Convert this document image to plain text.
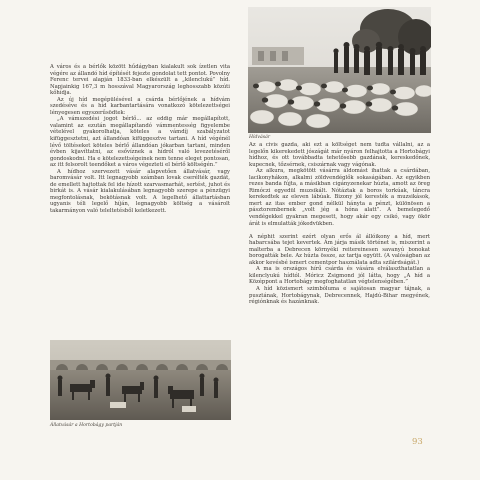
Hídvásár

A város és a bérlők között hűdágyban kialakult sok ízetlen vita végére az állandó híd építését fejezte gondolat tett pontot. Povolny Ferenc tervei alapján 1833-ban elkészült a „kilenclukú” híd. Napjainkig 167,3 m hosszával Magyarország leghosszabb közúti kőhídja.

Az új híd megépülésével a csárda bérlőjének a hídvám szedéséve és a híd karbantartására vonatkozó kötelezettségei lényegesen egyszerűsödtek:

„A vámszedési jogot bérlő... az eddig már megállapított, valamint az ezután megállapítandó vámmentesség figyelembe vételével gyakorolhatja, köteles a vámdíj szabályzatot kifüggesztetni, azt állandóan kifüggesztve tartani. A híd végénél lévő töltéseket köteles bérlő állandóan jókarban tartani, minden évben kijavíttatni, az esővíznek a hídról való levezetéséről gondoskodni. Ha e kötelezettségeinek nem tenne eleget pontosan, az itt felsorolt teendőket a város végezteti el bérlő költségén.”

A hídhoz szervezett vásár alapvetően állatvásár, vagy baromvásár volt. Itt legnagyobb számban lovak cserélték gazdát, de emellett hajtottak fel ide hízott szarvasmarhát, sertést, juhot és birkát is. A vásár kialakulásában legnagyobb szerepe a pénzügyi megfontolásnak, bekötásnak volt. A legelhető állattartásban ugyanis téli legelő híján, legnagyobb költség a vásárolt takarmányon való teleltetésből keletkezett.

Állatvásár a Hortobágy partján

Az a civis gazda, aki ezt a költséget nem tudta vállalni, az a legelőn kikerekedett jószágát már nyáron felhajtotta a Hortobágyi hídhoz, és ott továbbadta tehetősebb gazdának, kereskedőnek, kupecnek, tőzsérnek, csiszárnak vagy vágónak.

Az alkura, megkötött vásárra áldomást ihattak a csárdában, lacikonyhákon, alkalmi zöldvendéglők sokaságában. Az egyikben rezes banda fújta, a másikban cigányzenekar húzta, amott az öreg Rimóczi egyedül muzsikált. Nótáztak a boros torkúak, táncra kerekedtek az eleven lábúak. Bizony jól keresték a muzsikások, mert az itas ember gond nélkül hányta a pénzt, különösen a pásztorembernek „volt jég a hóna alatt”. A bemelegedő vendégekkel gyakran megesett, hogy akár egy csikó, vagy ökör árát is elmulatták jókedvükben.

A néphit szerint ezért olyan erős ál állóikony a híd, mert habarcsába tejet kevertek. Ám járja másik történet is, miszerint a malterba a Debrecen környéki reitereinesen savanyú bonokat borogatták bele. Az húzta össze, az tartja együtt. (A valóságban az akkor kevésbé ismert cementpor használata adta szilárdságát.)

A ma is országos hírű csárda és vására elválaszthatatlan a kilenclyukú hídtól. Móricz Zsigmond jól látta, hogy „A híd a Középpont a Hortobágy megfoghatatlan végtelenségében.”

A híd közismert szimbóluma e sajátosan magyar tájnak, a pusztának, Hortobágynak, Debrecennek, Hajdú-Bihar megyének, régiónknak és hazánknak.

93
